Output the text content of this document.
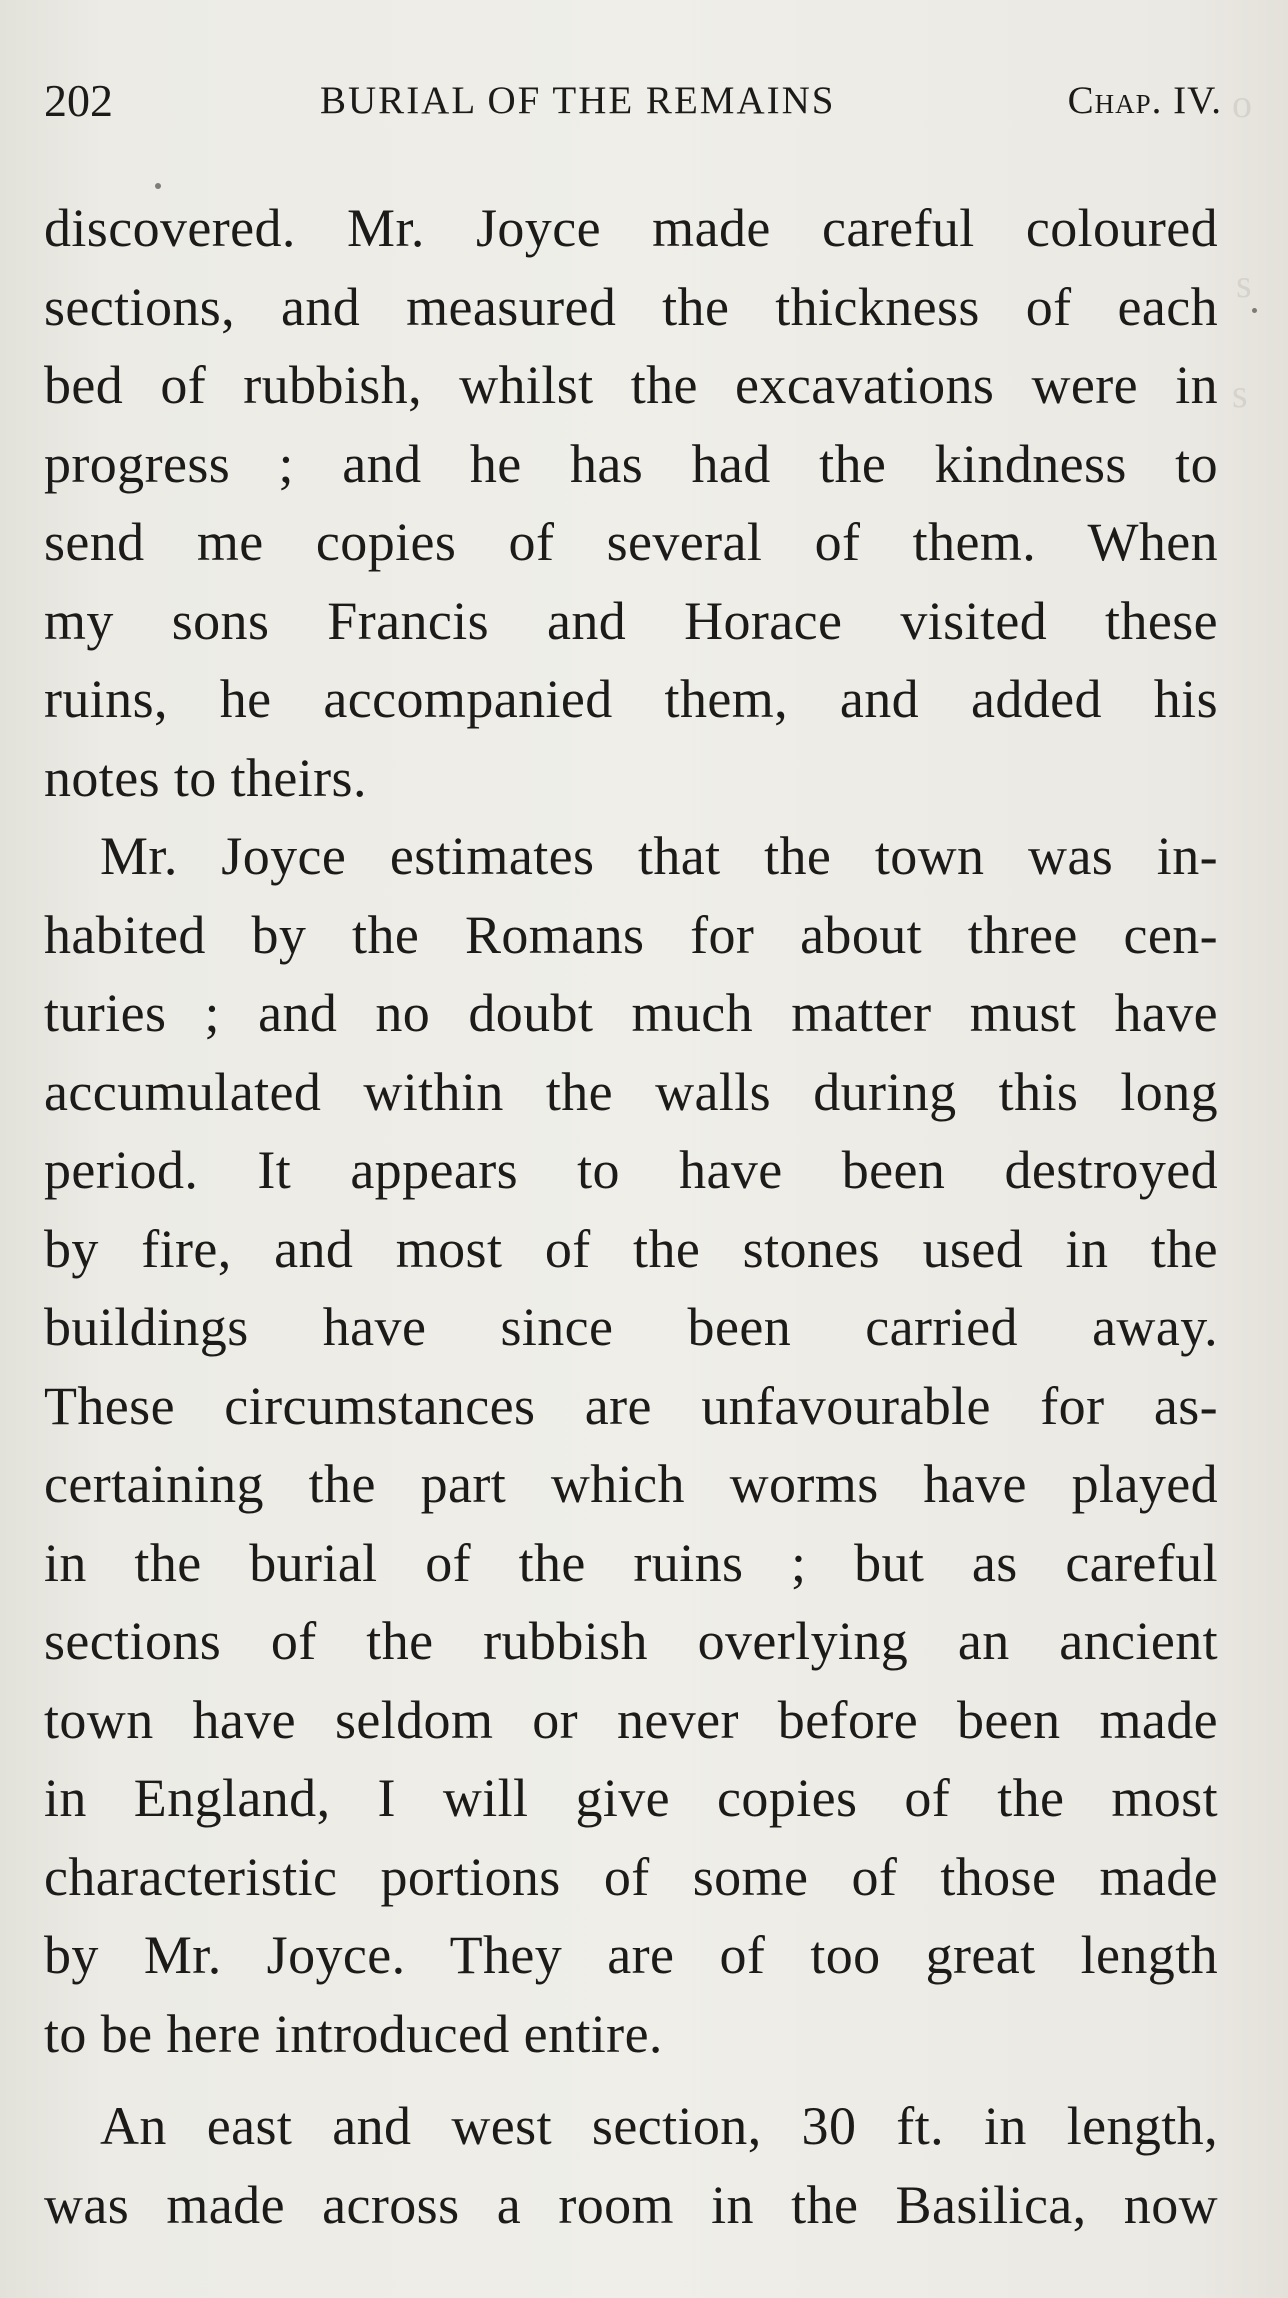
o
s
s
202	BURIAL OF THE REMAINS	Chap. IV.
discovered. Mr. Joyce made careful coloured
sections, and measured the thickness of each
bed of rubbish, whilst the excavations were in
progress ; and he has had the kindness to
send me copies of several of them. When
my sons Francis and Horace visited these
ruins, he accompanied them, and added his
notes to theirs.
Mr. Joyce estimates that the town was in-
habited by the Romans for about three cen-
turies ; and no doubt much matter must have
accumulated within the walls during this long
period. It appears to have been destroyed
by fire, and most of the stones used in the
buildings have since been carried away.
These circumstances are unfavourable for as-
certaining the part which worms have played
in the burial of the ruins ; but as careful
sections of the rubbish overlying an ancient
town have seldom or never before been made
in England, I will give copies of the most
characteristic portions of some of those made
by Mr. Joyce. They are of too great length
to be here introduced entire.
An east and west section, 30 ft. in length,
was made across a room in the Basilica, now
